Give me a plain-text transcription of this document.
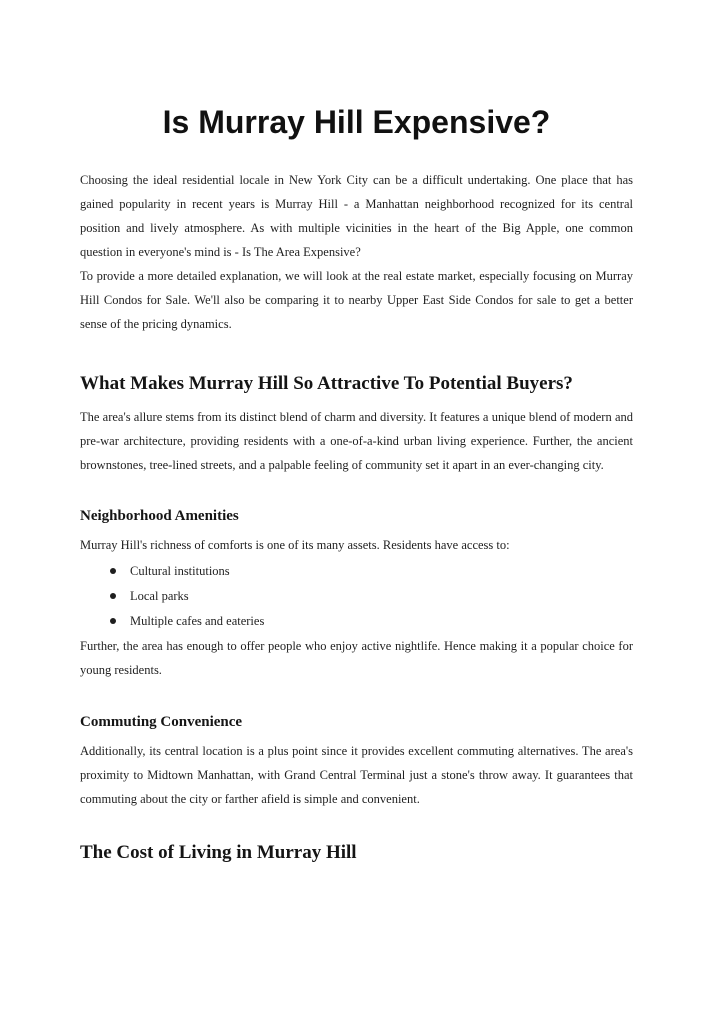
Is Murray Hill Expensive?

Choosing the ideal residential locale in New York City can be a difficult undertaking. One place that has gained popularity in recent years is Murray Hill - a Manhattan neighborhood recognized for its central position and lively atmosphere. As with multiple vicinities in the heart of the Big Apple, one common question in everyone's mind is - Is The Area Expensive?

To provide a more detailed explanation, we will look at the real estate market, especially focusing on Murray Hill Condos for Sale. We'll also be comparing it to nearby Upper East Side Condos for sale to get a better sense of the pricing dynamics.

What Makes Murray Hill So Attractive To Potential Buyers?

The area's allure stems from its distinct blend of charm and diversity. It features a unique blend of modern and pre-war architecture, providing residents with a one-of-a-kind urban living experience. Further, the ancient brownstones, tree-lined streets, and a palpable feeling of community set it apart in an ever-changing city.

Neighborhood Amenities

Murray Hill's richness of comforts is one of its many assets. Residents have access to:

Cultural institutions
Local parks
Multiple cafes and eateries

Further, the area has enough to offer people who enjoy active nightlife. Hence making it a popular choice for young residents.

Commuting Convenience

Additionally, its central location is a plus point since it provides excellent commuting alternatives. The area's proximity to Midtown Manhattan, with Grand Central Terminal just a stone's throw away. It guarantees that commuting about the city or farther afield is simple and convenient.

The Cost of Living in Murray Hill
